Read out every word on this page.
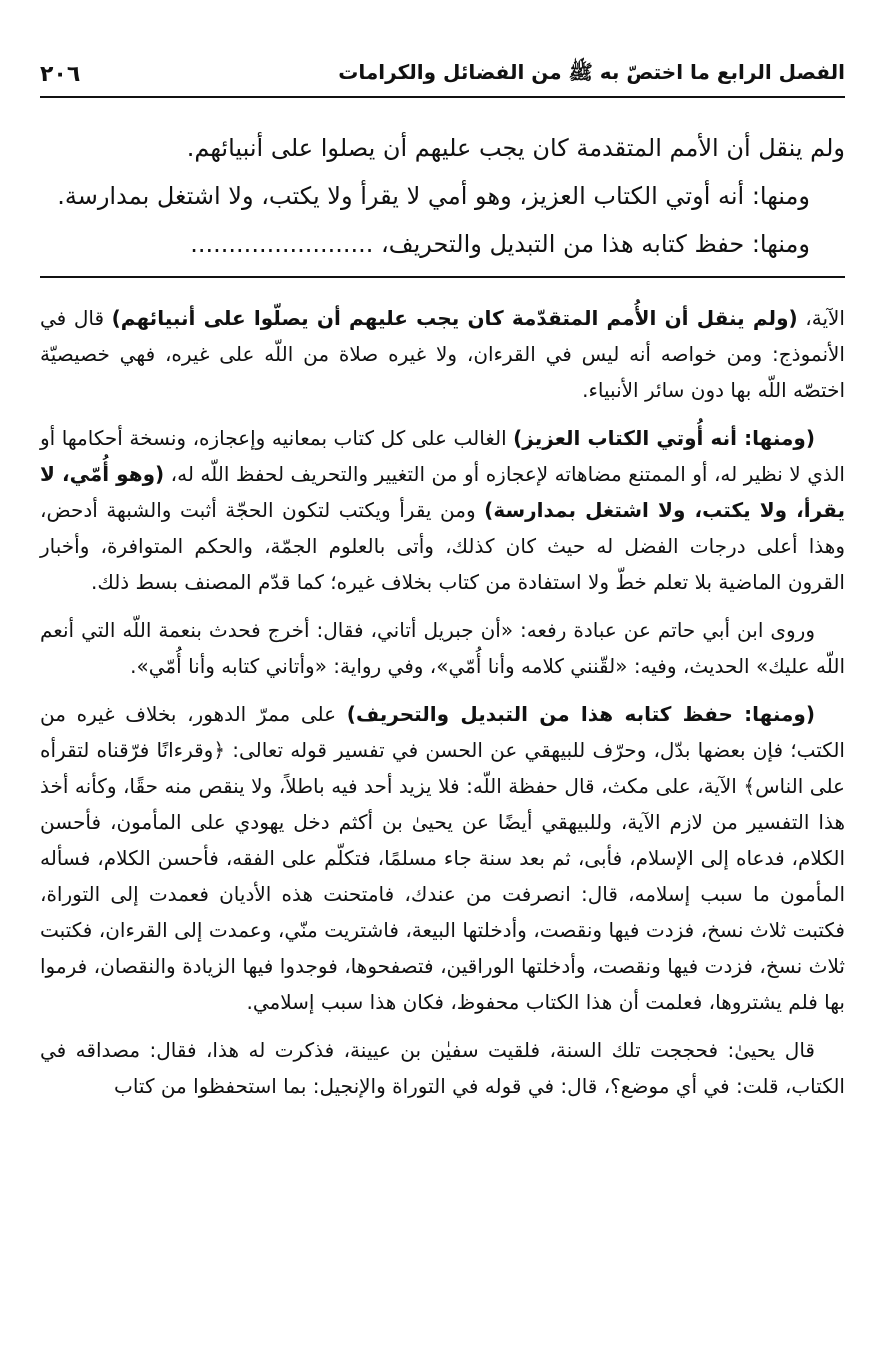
الفصل الرابع ما اختصّ به ﷺ من الفضائل والكرامات
٢٠٦

ولم ينقل أن الأمم المتقدمة كان يجب عليهم أن يصلوا على أنبيائهم.

ومنها: أنه أوتي الكتاب العزيز، وهو أمي لا يقرأ ولا يكتب، ولا اشتغل بمدارسة.

ومنها: حفظ كتابه هذا من التبديل والتحريف، ........................

الآية، (ولم ينقل أن الأُمم المتقدّمة كان يجب عليهم أن يصلّوا على أنبيائهم) قال في الأنموذج: ومن خواصه أنه ليس في القرءان، ولا غيره صلاة من اللّه على غيره، فهي خصيصيّة اختصّه اللّه بها دون سائر الأنبياء.

(ومنها: أنه أُوتي الكتاب العزيز) الغالب على كل كتاب بمعانيه وإعجازه، ونسخة أحكامها أو الذي لا نظير له، أو الممتنع مضاهاته لإعجازه أو من التغيير والتحريف لحفظ اللّه له، (وهو أُمّي، لا يقرأ، ولا يكتب، ولا اشتغل بمدارسة) ومن يقرأ ويكتب لتكون الحجّة أثبت والشبهة أدحض، وهذا أعلى درجات الفضل له حيث كان كذلك، وأتى بالعلوم الجمّة، والحكم المتوافرة، وأخبار القرون الماضية بلا تعلم خطّ ولا استفادة من كتاب بخلاف غيره؛ كما قدّم المصنف بسط ذلك.

وروى ابن أبي حاتم عن عبادة رفعه: «أن جبريل أتاني، فقال: أخرج فحدث بنعمة اللّه التي أنعم اللّه عليك» الحديث، وفيه: «لقّنني كلامه وأنا أُمّي»، وفي رواية: «وأتاني كتابه وأنا أُمّي».

(ومنها: حفظ كتابه هذا من التبديل والتحريف) على ممرّ الدهور، بخلاف غيره من الكتب؛ فإن بعضها بدّل، وحرّف للبيهقي عن الحسن في تفسير قوله تعالى: ﴿وقرءانًا فرّقناه لتقرأه على الناس﴾ الآية، على مكث، قال حفظة اللّه: فلا يزيد أحد فيه باطلاً، ولا ينقص منه حقًا، وكأنه أخذ هذا التفسير من لازم الآية، وللبيهقي أيضًا عن يحيىٰ بن أكثم دخل يهودي على المأمون، فأحسن الكلام، فدعاه إلى الإسلام، فأبى، ثم بعد سنة جاء مسلمًا، فتكلّم على الفقه، فأحسن الكلام، فسأله المأمون ما سبب إسلامه، قال: انصرفت من عندك، فامتحنت هذه الأديان فعمدت إلى التوراة، فكتبت ثلاث نسخ، فزدت فيها ونقصت، وأدخلتها البيعة، فاشتريت منّي، وعمدت إلى القرءان، فكتبت ثلاث نسخ، فزدت فيها ونقصت، وأدخلتها الوراقين، فتصفحوها، فوجدوا فيها الزيادة والنقصان، فرموا بها فلم يشتروها، فعلمت أن هذا الكتاب محفوظ، فكان هذا سبب إسلامي.

قال يحيىٰ: فحججت تلك السنة، فلقيت سفيٰن بن عيينة، فذكرت له هذا، فقال: مصداقه في الكتاب، قلت: في أي موضع؟، قال: في قوله في التوراة والإنجيل: بما استحفظوا من كتاب
